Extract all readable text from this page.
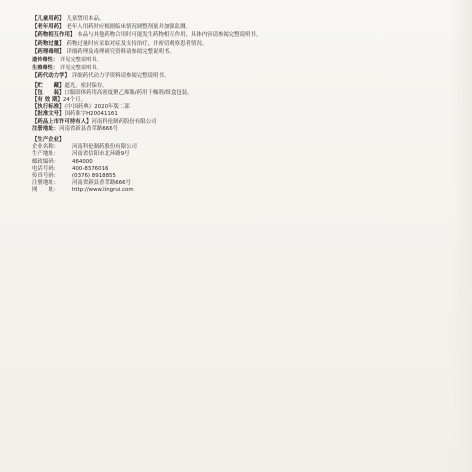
【儿童用药】 儿童禁用本品。
【老年用药】 老年人用药时应根据临床情况调整剂量并加强监测。
【药物相互作用】 本品与其他药物合用时可能发生药物相互作用，具体内容请参阅完整说明书。
【药物过量】 药物过量时应采取对症及支持治疗，并密切观察患者情况。
【药理毒理】 详细药理及毒理研究资料请参阅完整说明书。
遗传毒性： 详见完整说明书。
生殖毒性： 详见完整说明书。
【药代动力学】 详细药代动力学资料请参阅完整说明书。
【贮　　藏】遮光，密封保存。
【包　　装】口服固体药用高密度聚乙烯瓶/药用干燥剂/纸盒包装。
【有 效 期】24个月。
【执行标准】《中国药典》2020年版二部
【批准文号】国药准字H20041161
【药品上市许可持有人】河南科伦制药股份有限公司
注册地址：河南省新县香萃路666号
【生产企业】
企业名称： 河南科伦制药股份有限公司
生产地址： 河南省信阳市北环路9号
邮政编码： 464000
电话号码： 400-8376016
传真号码： (0376) 8918855
注册地址： 河南省新县香萃路666号
网　　址： http://www.lingrui.com
